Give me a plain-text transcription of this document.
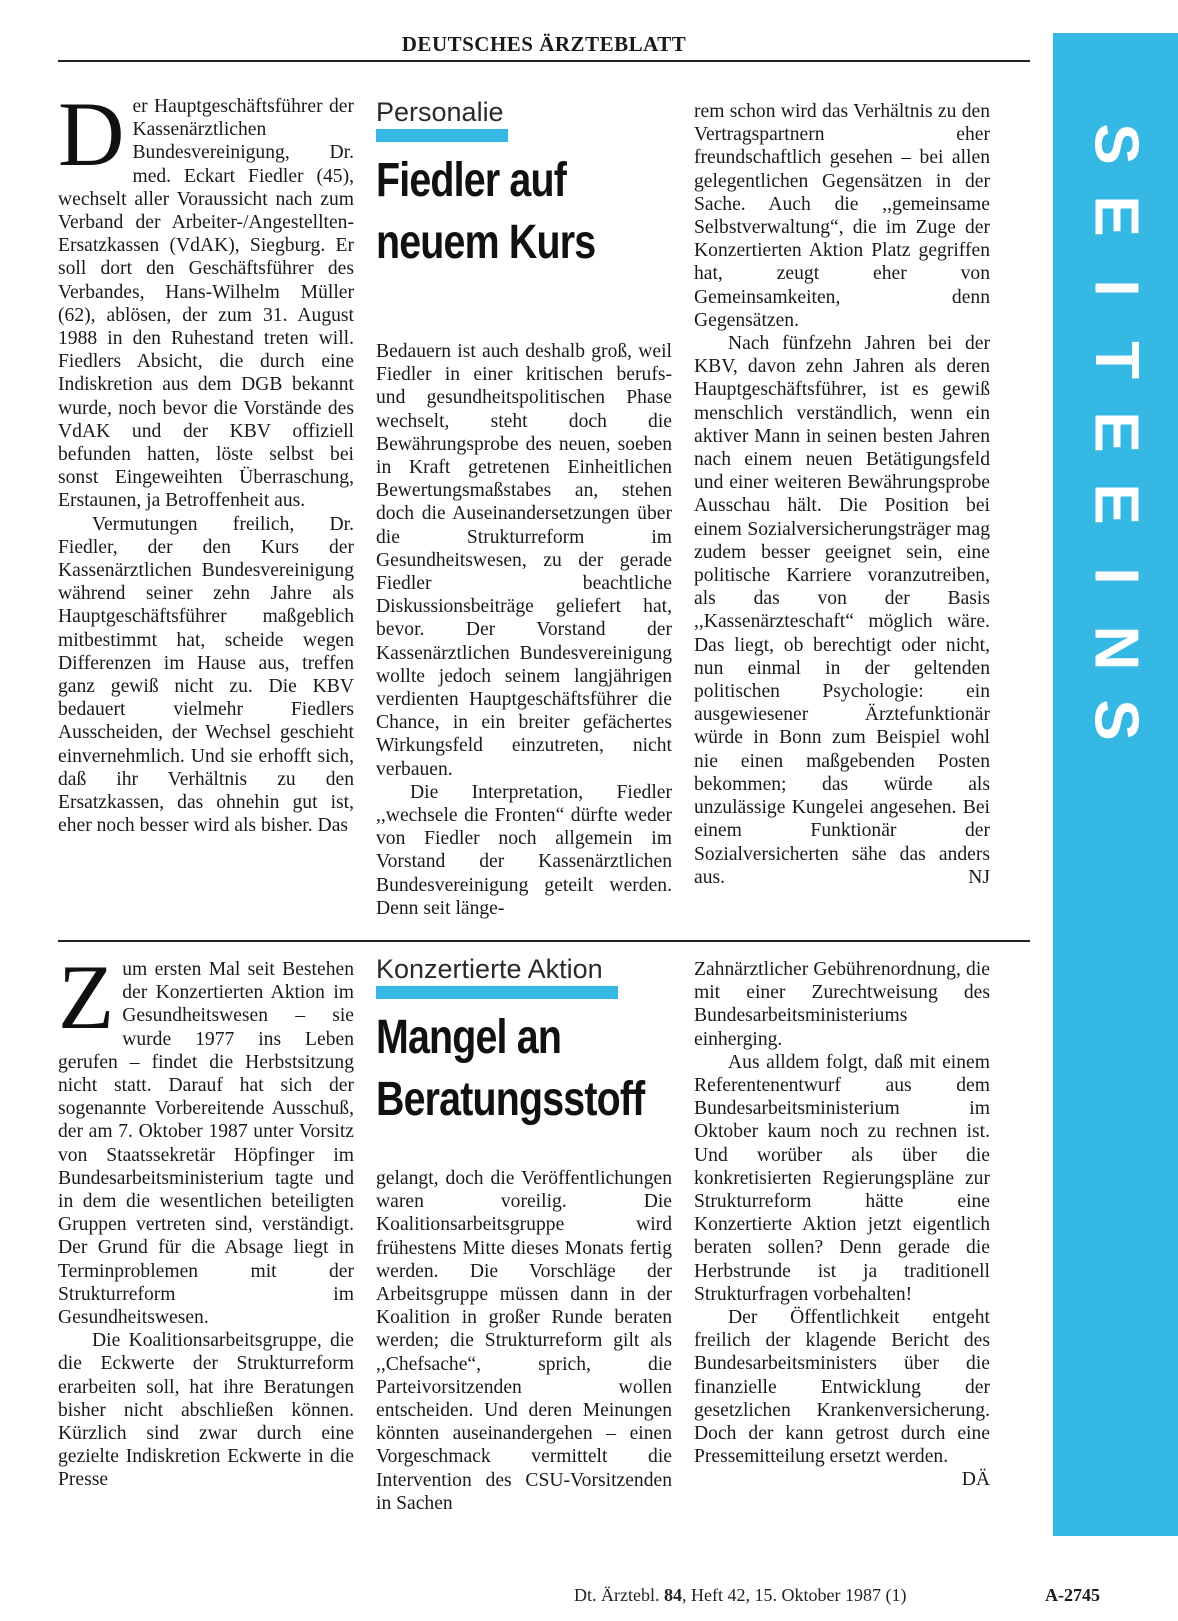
DEUTSCHES ÄRZTEBLATT
S
E
I
T
E
E
I
N
S

Der Hauptgeschäftsführer der Kassenärztlichen Bundesvereinigung, Dr. med. Eckart Fiedler (45), wechselt aller Voraussicht nach zum Verband der Arbeiter-/Angestellten-Ersatzkassen (VdAK), Siegburg. Er soll dort den Geschäftsführer des Verbandes, Hans-Wilhelm Müller (62), ablösen, der zum 31. August 1988 in den Ruhestand treten will. Fiedlers Absicht, die durch eine Indiskretion aus dem DGB bekannt wurde, noch bevor die Vorstände des VdAK und der KBV offiziell befunden hatten, löste selbst bei sonst Eingeweihten Überraschung, Erstaunen, ja Betroffenheit aus.

Vermutungen freilich, Dr. Fiedler, der den Kurs der Kassenärztlichen Bundesvereinigung während seiner zehn Jahre als Hauptgeschäftsführer maßgeblich mitbestimmt hat, scheide wegen Differenzen im Hause aus, treffen ganz gewiß nicht zu. Die KBV bedauert vielmehr Fiedlers Ausscheiden, der Wechsel geschieht einvernehmlich. Und sie erhofft sich, daß ihr Verhältnis zu den Ersatzkassen, das ohnehin gut ist, eher noch besser wird als bisher. Das

Personalie
Fiedler auf
neuem Kurs

Bedauern ist auch deshalb groß, weil Fiedler in einer kritischen berufs- und gesundheitspolitischen Phase wechselt, steht doch die Bewährungsprobe des neuen, soeben in Kraft getretenen Einheitlichen Bewertungsmaßstabes an, stehen doch die Auseinandersetzungen über die Strukturreform im Gesundheitswesen, zu der gerade Fiedler beachtliche Diskussionsbeiträge geliefert hat, bevor. Der Vorstand der Kassenärztlichen Bundesvereinigung wollte jedoch seinem langjährigen verdienten Hauptgeschäftsführer die Chance, in ein breiter gefächertes Wirkungsfeld einzutreten, nicht verbauen.

Die Interpretation, Fiedler ,,wechsele die Fronten“ dürfte weder von Fiedler noch allgemein im Vorstand der Kassenärztlichen Bundesvereinigung geteilt werden. Denn seit länge-

rem schon wird das Verhältnis zu den Vertragspartnern eher freundschaftlich gesehen – bei allen gelegentlichen Gegensätzen in der Sache. Auch die ,,gemeinsame Selbstverwaltung“, die im Zuge der Konzertierten Aktion Platz gegriffen hat, zeugt eher von Gemeinsamkeiten, denn Gegensätzen.

Nach fünfzehn Jahren bei der KBV, davon zehn Jahren als deren Hauptgeschäftsführer, ist es gewiß menschlich verständlich, wenn ein aktiver Mann in seinen besten Jahren nach einem neuen Betätigungsfeld und einer weiteren Bewährungsprobe Ausschau hält. Die Position bei einem Sozialversicherungsträger mag zudem besser geeignet sein, eine politische Karriere voranzutreiben, als das von der Basis ,,Kassenärzteschaft“ möglich wäre. Das liegt, ob berechtigt oder nicht, nun einmal in der geltenden politischen Psychologie: ein ausgewiesener Ärztefunktionär würde in Bonn zum Beispiel wohl nie einen maßgebenden Posten bekommen; das würde als unzulässige Kungelei angesehen. Bei einem Funktionär der Sozialversicherten sähe das anders aus.	NJ

Zum ersten Mal seit Bestehen der Konzertierten Aktion im Gesundheitswesen – sie wurde 1977 ins Leben gerufen – findet die Herbstsitzung nicht statt. Darauf hat sich der sogenannte Vorbereitende Ausschuß, der am 7. Oktober 1987 unter Vorsitz von Staatssekretär Höpfinger im Bundesarbeitsministerium tagte und in dem die wesentlichen beteiligten Gruppen vertreten sind, verständigt. Der Grund für die Absage liegt in Terminproblemen mit der Strukturreform im Gesundheitswesen.

Die Koalitionsarbeitsgruppe, die die Eckwerte der Strukturreform erarbeiten soll, hat ihre Beratungen bisher nicht abschließen können. Kürzlich sind zwar durch eine gezielte Indiskretion Eckwerte in die Presse

Konzertierte Aktion
Mangel an
Beratungsstoff

gelangt, doch die Veröffentlichungen waren voreilig. Die Koalitionsarbeitsgruppe wird frühestens Mitte dieses Monats fertig werden. Die Vorschläge der Arbeitsgruppe müssen dann in der Koalition in großer Runde beraten werden; die Strukturreform gilt als ,,Chefsache“, sprich, die Parteivorsitzenden wollen entscheiden. Und deren Meinungen könnten auseinandergehen – einen Vorgeschmack vermittelt die Intervention des CSU-Vorsitzenden in Sachen

Zahnärztlicher Gebührenordnung, die mit einer Zurechtweisung des Bundesarbeitsministeriums einherging.

Aus alldem folgt, daß mit einem Referentenentwurf aus dem Bundesarbeitsministerium im Oktober kaum noch zu rechnen ist. Und worüber als über die konkretisierten Regierungspläne zur Strukturreform hätte eine Konzertierte Aktion jetzt eigentlich beraten sollen? Denn gerade die Herbstrunde ist ja traditionell Strukturfragen vorbehalten!

Der Öffentlichkeit entgeht freilich der klagende Bericht des Bundesarbeitsministers über die finanzielle Entwicklung der gesetzlichen Krankenversicherung. Doch der kann getrost durch eine Pressemitteilung ersetzt werden.
DÄ

Dt. Ärztebl. 84, Heft 42, 15. Oktober 1987 (1)	A-2745
